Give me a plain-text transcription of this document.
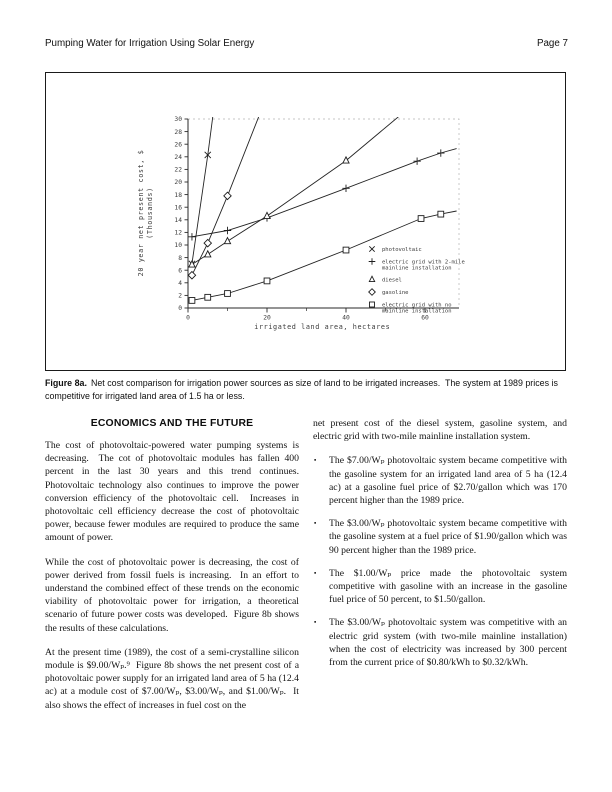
Pumping Water for Irrigation Using Solar Energy	Page 7
0
2
4
6
8
10
12
14
16
18
20
22
24
26
28
30
0	20	40	60
irrigated land area, hectares
20 year net present cost, $ (Thousands)
photovoltaic
electric grid with 2-mile
mainline installation
diesel
gasoline
electric grid with no
mainline installation
Figure 8a. Net cost comparison for irrigation power sources as size of land to be irrigated increases.  The system at 1989 prices is competitive for irrigated land area of 1.5 ha or less.
ECONOMICS AND THE FUTURE

The cost of photovoltaic-powered water pumping systems is decreasing.  The cot of photovoltaic modules has fallen 400 percent in the last 30 years and this trend continues.  Photovoltaic technology also continues to improve the power conversion efficiency of the photovoltaic cell.  Increases in photovoltaic cell efficiency decrease the cost of photovoltaic power, because fewer modules are required to produce the same amount of power.

While the cost of photovoltaic power is decreasing, the cost of power derived from fossil fuels is increasing.  In an effort to understand the combined effect of these trends on the economic viability of photovoltaic power for irrigation, a theoretical scenario of future power costs was developed.  Figure 8b shows the results of these calculations.

At the present time (1989), the cost of a semi-crystalline silicon module is $9.00/Wₚ.⁹  Figure 8b shows the net present cost of a photovoltaic power supply for an irrigated land area of 5 ha (12.4 ac) at a module cost of $7.00/Wₚ, $3.00/Wₚ, and $1.00/Wₚ.  It also shows the effect of increases in fuel cost on the

net present cost of the diesel system, gasoline system, and electric grid with two-mile mainline installation system.

▪	The $7.00/Wₚ photovoltaic system became competitive with the gasoline system for an irrigated land area of 5 ha (12.4 ac) at a gasoline fuel price of $2.70/gallon which was 170 percent higher than the 1989 price.
▪	The $3.00/Wₚ photovoltaic system became competitive with the gasoline system at a fuel price of $1.90/gallon which was 90 percent higher than the 1989 price.
▪	The $1.00/Wₚ price made the photovoltaic system competitive with gasoline with an increase in the gasoline fuel price of 50 percent, to $1.50/gallon.
▪	The $3.00/Wₚ photovoltaic system was competitive with an electric grid system (with two-mile mainline installation) when the cost of electricity was increased by 300 percent from the current price of $0.80/kWh to $0.32/kWh.
